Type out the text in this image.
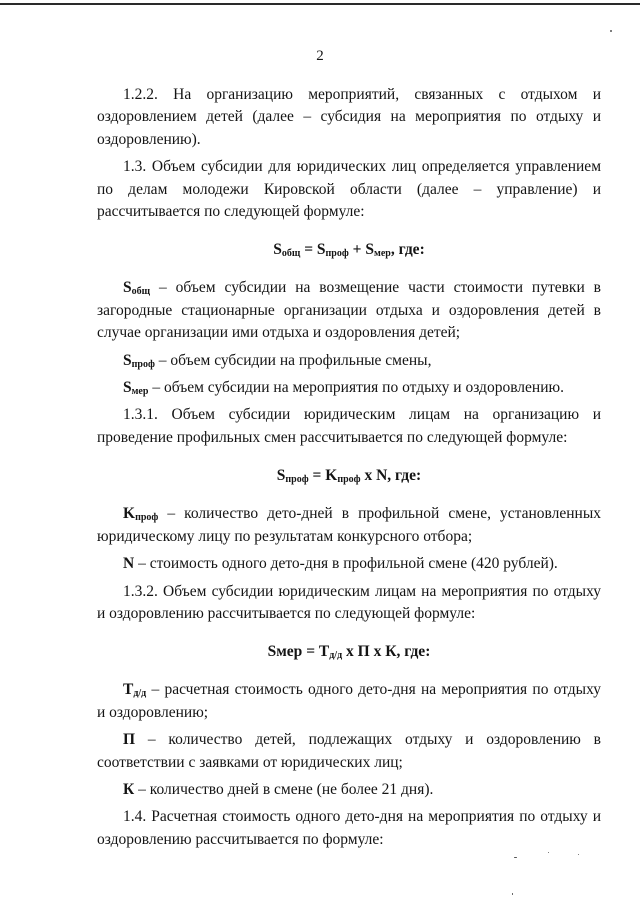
2

1.2.2. На организацию мероприятий, связанных с отдыхом и оздоровлением детей (далее – субсидия на мероприятия по отдыху и оздоровлению).

1.3. Объем субсидии для юридических лиц определяется управлением по делам молодежи Кировской области (далее – управление) и рассчитывается по следующей формуле:

$S_{общ} = S_{проф} + S_{мер}$, где:

$S_{общ}$ – объем субсидии на возмещение части стоимости путевки в загородные стационарные организации отдыха и оздоровления детей в случае организации ими отдыха и оздоровления детей;

$S_{проф}$ – объем субсидии на профильные смены,

$S_{мер}$ – объем субсидии на мероприятия по отдыху и оздоровлению.

1.3.1. Объем субсидии юридическим лицам на организацию и проведение профильных смен рассчитывается по следующей формуле:

$S_{проф} = K_{проф}$ x N, где:

$K_{проф}$ – количество дето-дней в профильной смене, установленных юридическому лицу по результатам конкурсного отбора;

N – стоимость одного дето-дня в профильной смене (420 рублей).

1.3.2. Объем субсидии юридическим лицам на мероприятия по отдыху и оздоровлению рассчитывается по следующей формуле:

Sмер = $Т_{д/д}$ x П x К, где:

$Т_{д/д}$ – расчетная стоимость одного дето-дня на мероприятия по отдыху и оздоровлению;

П – количество детей, подлежащих отдыху и оздоровлению в соответствии с заявками от юридических лиц;

К – количество дней в смене (не более 21 дня).

1.4. Расчетная стоимость одного дето-дня на мероприятия по отдыху и оздоровлению рассчитывается по формуле:
